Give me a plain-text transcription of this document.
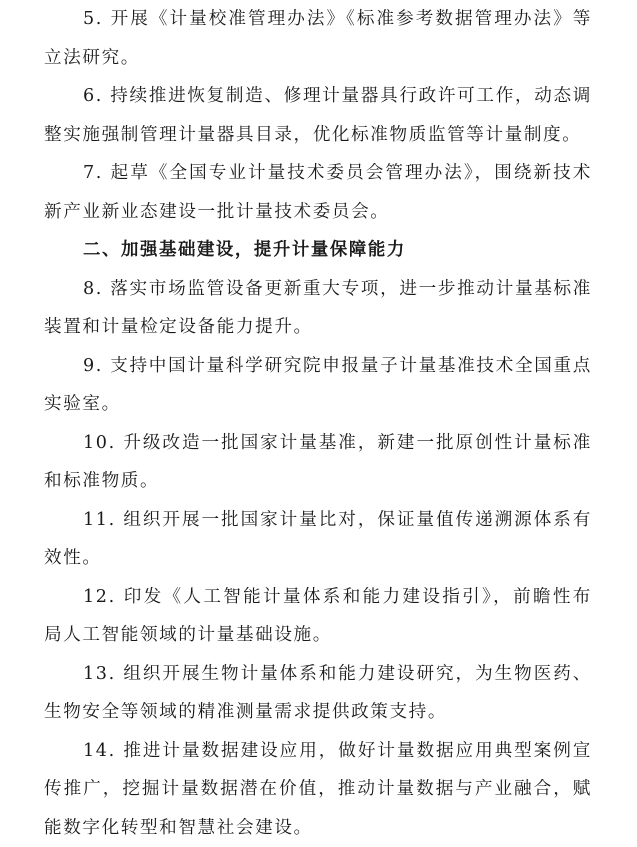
5. 开展《计量校准管理办法》《标准参考数据管理办法》等立法研究。

6. 持续推进恢复制造、修理计量器具行政许可工作，动态调整实施强制管理计量器具目录，优化标准物质监管等计量制度。

7. 起草《全国专业计量技术委员会管理办法》，围绕新技术新产业新业态建设一批计量技术委员会。

二、加强基础建设，提升计量保障能力

8. 落实市场监管设备更新重大专项，进一步推动计量基标准装置和计量检定设备能力提升。

9. 支持中国计量科学研究院申报量子计量基准技术全国重点实验室。

10. 升级改造一批国家计量基准，新建一批原创性计量标准和标准物质。

11. 组织开展一批国家计量比对，保证量值传递溯源体系有效性。

12. 印发《人工智能计量体系和能力建设指引》，前瞻性布局人工智能领域的计量基础设施。

13. 组织开展生物计量体系和能力建设研究，为生物医药、生物安全等领域的精准测量需求提供政策支持。

14. 推进计量数据建设应用，做好计量数据应用典型案例宣传推广，挖掘计量数据潜在价值，推动计量数据与产业融合，赋能数字化转型和智慧社会建设。
